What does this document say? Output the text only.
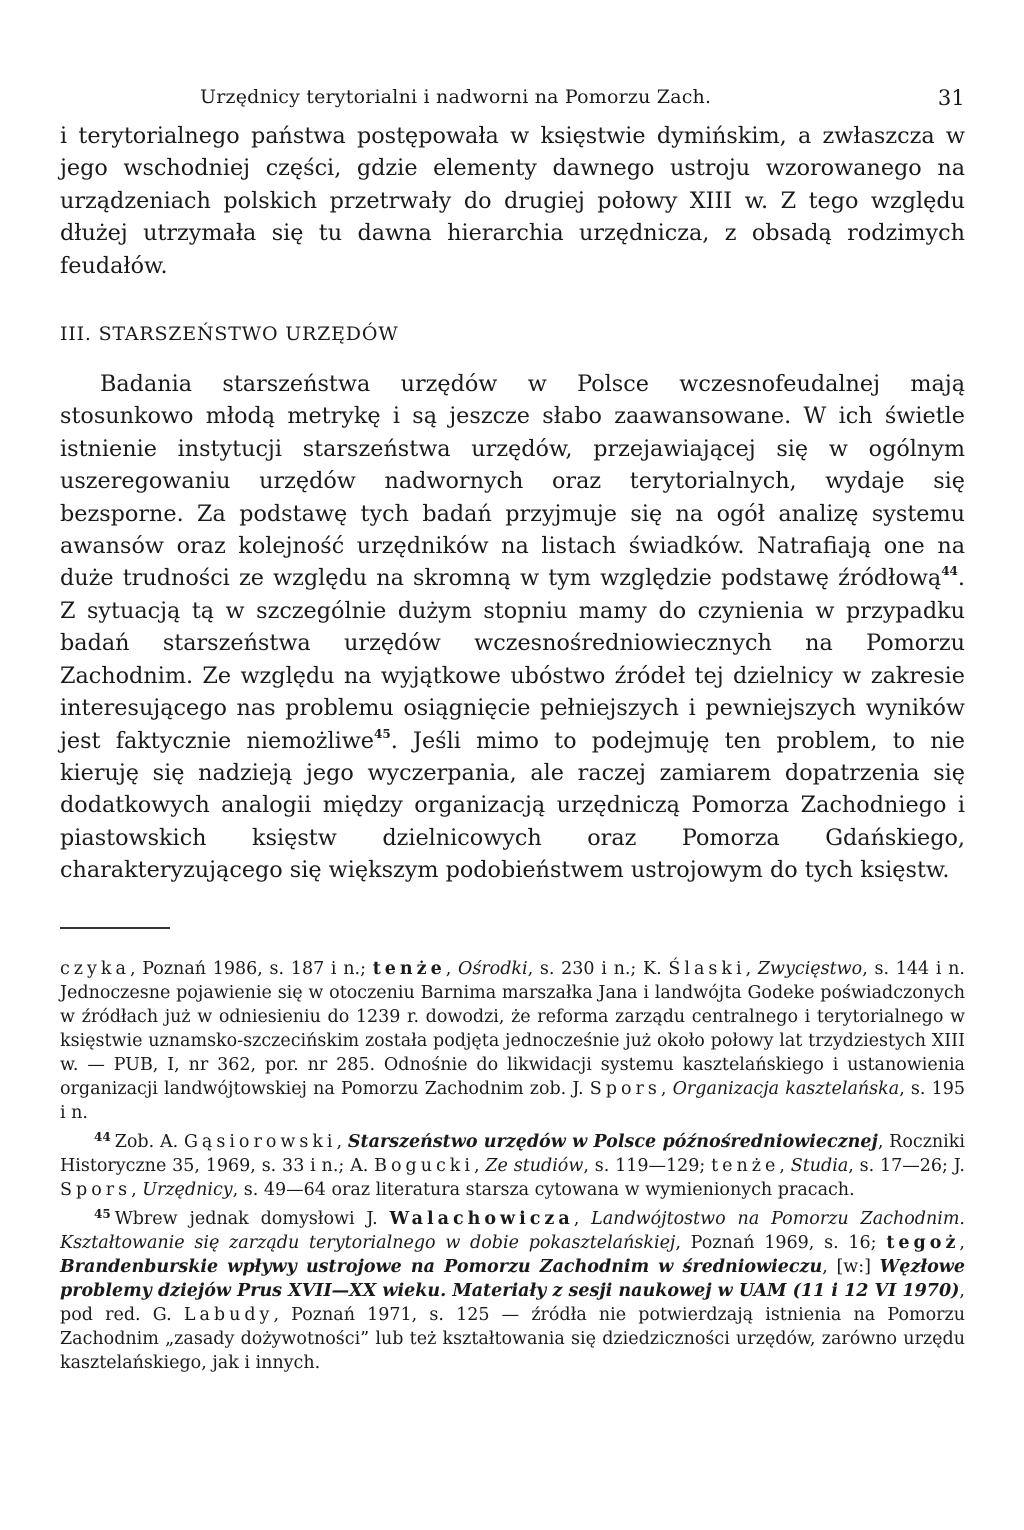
Urzędnicy terytorialni i nadworni na Pomorzu Zach.	31

i terytorialnego państwa postępowała w księstwie dymińskim, a zwłaszcza w jego wschodniej części, gdzie elementy dawnego ustroju wzorowanego na urządzeniach polskich przetrwały do drugiej połowy XIII w. Z tego względu dłużej utrzymała się tu dawna hierarchia urzędnicza, z obsadą rodzimych feudałów.

III. STARSZEŃSTWO URZĘDÓW

Badania starszeństwa urzędów w Polsce wczesnofeudalnej mają stosunkowo młodą metrykę i są jeszcze słabo zaawansowane. W ich świetle istnienie instytucji starszeństwa urzędów, przejawiającej się w ogólnym uszeregowaniu urzędów nadwornych oraz terytorialnych, wydaje się bezsporne. Za podstawę tych badań przyjmuje się na ogół analizę systemu awansów oraz kolejność urzędników na listach świadków. Natrafiają one na duże trudności ze względu na skromną w tym względzie podstawę źródłową$^{44}$. Z sytuacją tą w szczególnie dużym stopniu mamy do czynienia w przypadku badań starszeństwa urzędów wczesnośredniowiecznych na Pomorzu Zachodnim. Ze względu na wyjątkowe ubóstwo źródeł tej dzielnicy w zakresie interesującego nas problemu osiągnięcie pełniejszych i pewniejszych wyników jest faktycznie niemożliwe$^{45}$. Jeśli mimo to podejmuję ten problem, to nie kieruję się nadzieją jego wyczerpania, ale raczej zamiarem dopatrzenia się dodatkowych analogii między organizacją urzędniczą Pomorza Zachodniego i piastowskich księstw dzielnicowych oraz Pomorza Gdańskiego, charakteryzującego się większym podobieństwem ustrojowym do tych księstw.

czyka, Poznań 1986, s. 187 i n.; tenże, Ośrodki, s. 230 i n.; K. Ślaski, Zwycięstwo, s. 144 i n. Jednoczesne pojawienie się w otoczeniu Barnima marszałka Jana i landwójta Godeke poświadczonych w źródłach już w odniesieniu do 1239 r. dowodzi, że reforma zarządu centralnego i terytorialnego w księstwie uznamsko-szczecińskim została podjęta jednocześnie już około połowy lat trzydziestych XIII w. — PUB, I, nr 362, por. nr 285. Odnośnie do likwidacji systemu kasztelańskiego i ustanowienia organizacji landwójtowskiej na Pomorzu Zachodnim zob. J. Spors, Organizacja kasztelańska, s. 195 i n.

$^{44}$ Zob. A. Gąsiorowski, Starszeństwo urzędów w Polsce późnośredniowiecznej, Roczniki Historyczne 35, 1969, s. 33 i n.; A. Bogucki, Ze studiów, s. 119—129; tenże, Studia, s. 17—26; J. Spors, Urzędnicy, s. 49—64 oraz literatura starsza cytowana w wymienionych pracach.

$^{45}$ Wbrew jednak domysłowi J. Walachowicza, Landwójtostwo na Pomorzu Zachodnim. Kształtowanie się zarządu terytorialnego w dobie pokasztelańskiej, Poznań 1969, s. 16; tegoż, Brandenburskie wpływy ustrojowe na Pomorzu Zachodnim w średniowieczu, [w:] Węzłowe problemy dziejów Prus XVII—XX wieku. Materiały z sesji naukowej w UAM (11 i 12 VI 1970), pod red. G. Labudy, Poznań 1971, s. 125 — źródła nie potwierdzają istnienia na Pomorzu Zachodnim „zasady dożywotności” lub też kształtowania się dziedziczności urzędów, zarówno urzędu kasztelańskiego, jak i innych.
